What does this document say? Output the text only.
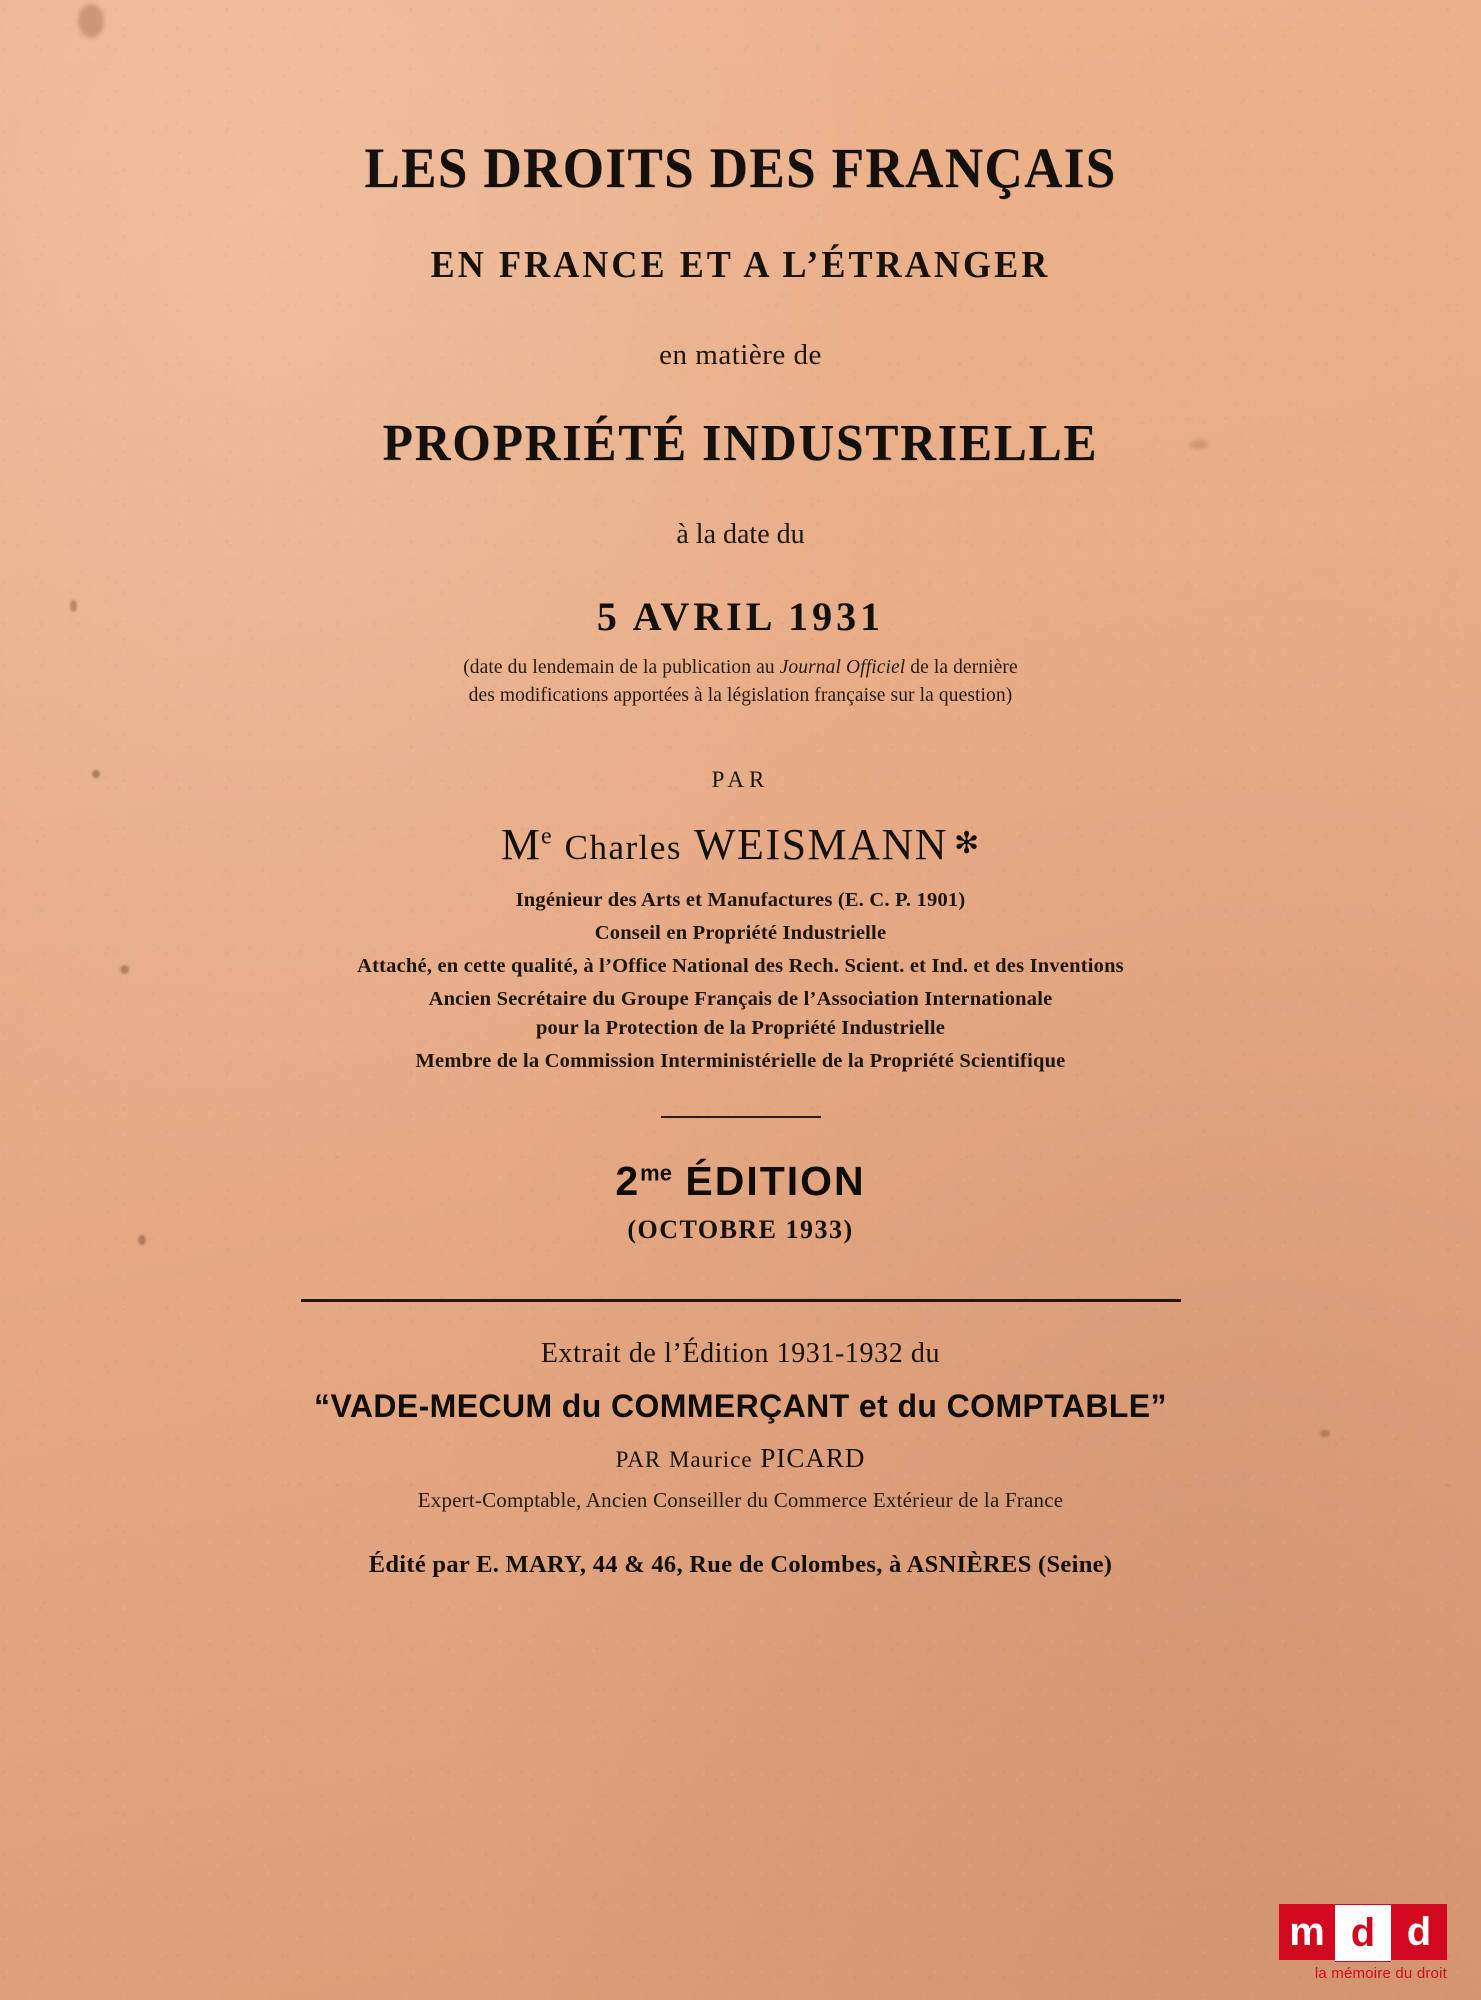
LES DROITS DES FRANÇAIS
EN FRANCE ET A L’ÉTRANGER
en matière de
PROPRIÉTÉ INDUSTRIELLE
à la date du
5 AVRIL 1931
(date du lendemain de la publication au Journal Officiel de la dernière
des modifications apportées à la législation française sur la question)
PAR
Me Charles WEISMANN ✻
Ingénieur des Arts et Manufactures (E. C. P. 1901)
Conseil en Propriété Industrielle
Attaché, en cette qualité, à l’Office National des Rech. Scient. et Ind. et des Inventions
Ancien Secrétaire du Groupe Français de l’Association Internationale
pour la Protection de la Propriété Industrielle
Membre de la Commission Interministérielle de la Propriété Scientifique
$2^{me}$ ÉDITION
(OCTOBRE 1933)
Extrait de l’Édition 1931-1932 du
“VADE-MECUM du COMMERÇANT et du COMPTABLE”
PAR Maurice PICARD
Expert-Comptable, Ancien Conseiller du Commerce Extérieur de la France
Édité par E. MARY, 44 & 46, Rue de Colombes, à ASNIÈRES (Seine)
m d d
la mémoire du droit
